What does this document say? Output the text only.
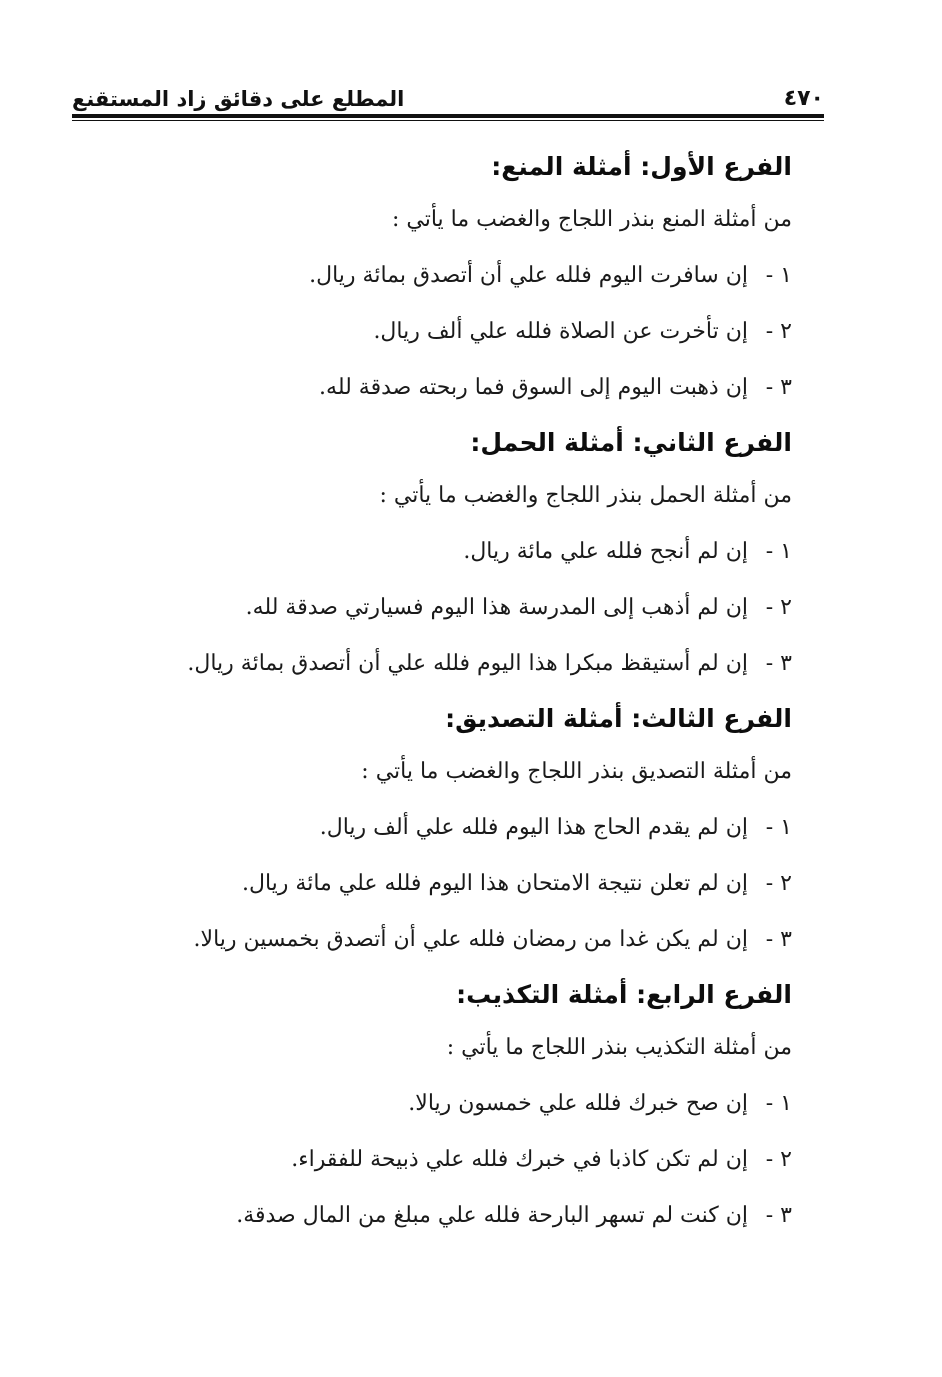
٤٧٠
المطلع على دقائق زاد المستقنع
الفرع الأول: أمثلة المنع:

من أمثلة المنع بنذر اللجاج والغضب ما يأتي :

١ -
إن سافرت اليوم فلله علي أن أتصدق بمائة ريال.
٢ -
إن تأخرت عن الصلاة فلله علي ألف ريال.
٣ -
إن ذهبت اليوم إلى السوق فما ربحته صدقة لله.
الفرع الثاني: أمثلة الحمل:

من أمثلة الحمل بنذر اللجاج والغضب ما يأتي :

١ -
إن لم أنجح فلله علي مائة ريال.
٢ -
إن لم أذهب إلى المدرسة هذا اليوم فسيارتي صدقة لله.
٣ -
إن لم أستيقظ مبكرا هذا اليوم فلله علي أن أتصدق بمائة ريال.
الفرع الثالث: أمثلة التصديق:

من أمثلة التصديق بنذر اللجاج والغضب ما يأتي :

١ -
إن لم يقدم الحاج هذا اليوم فلله علي ألف ريال.
٢ -
إن لم تعلن نتيجة الامتحان هذا اليوم فلله علي مائة ريال.
٣ -
إن لم يكن غدا من رمضان فلله علي أن أتصدق بخمسين ريالا.
الفرع الرابع: أمثلة التكذيب:

من أمثلة التكذيب بنذر اللجاج ما يأتي :

١ -
إن صح خبرك فلله علي خمسون ريالا.
٢ -
إن لم تكن كاذبا في خبرك فلله علي ذبيحة للفقراء.
٣ -
إن كنت لم تسهر البارحة فلله علي مبلغ من المال صدقة.
